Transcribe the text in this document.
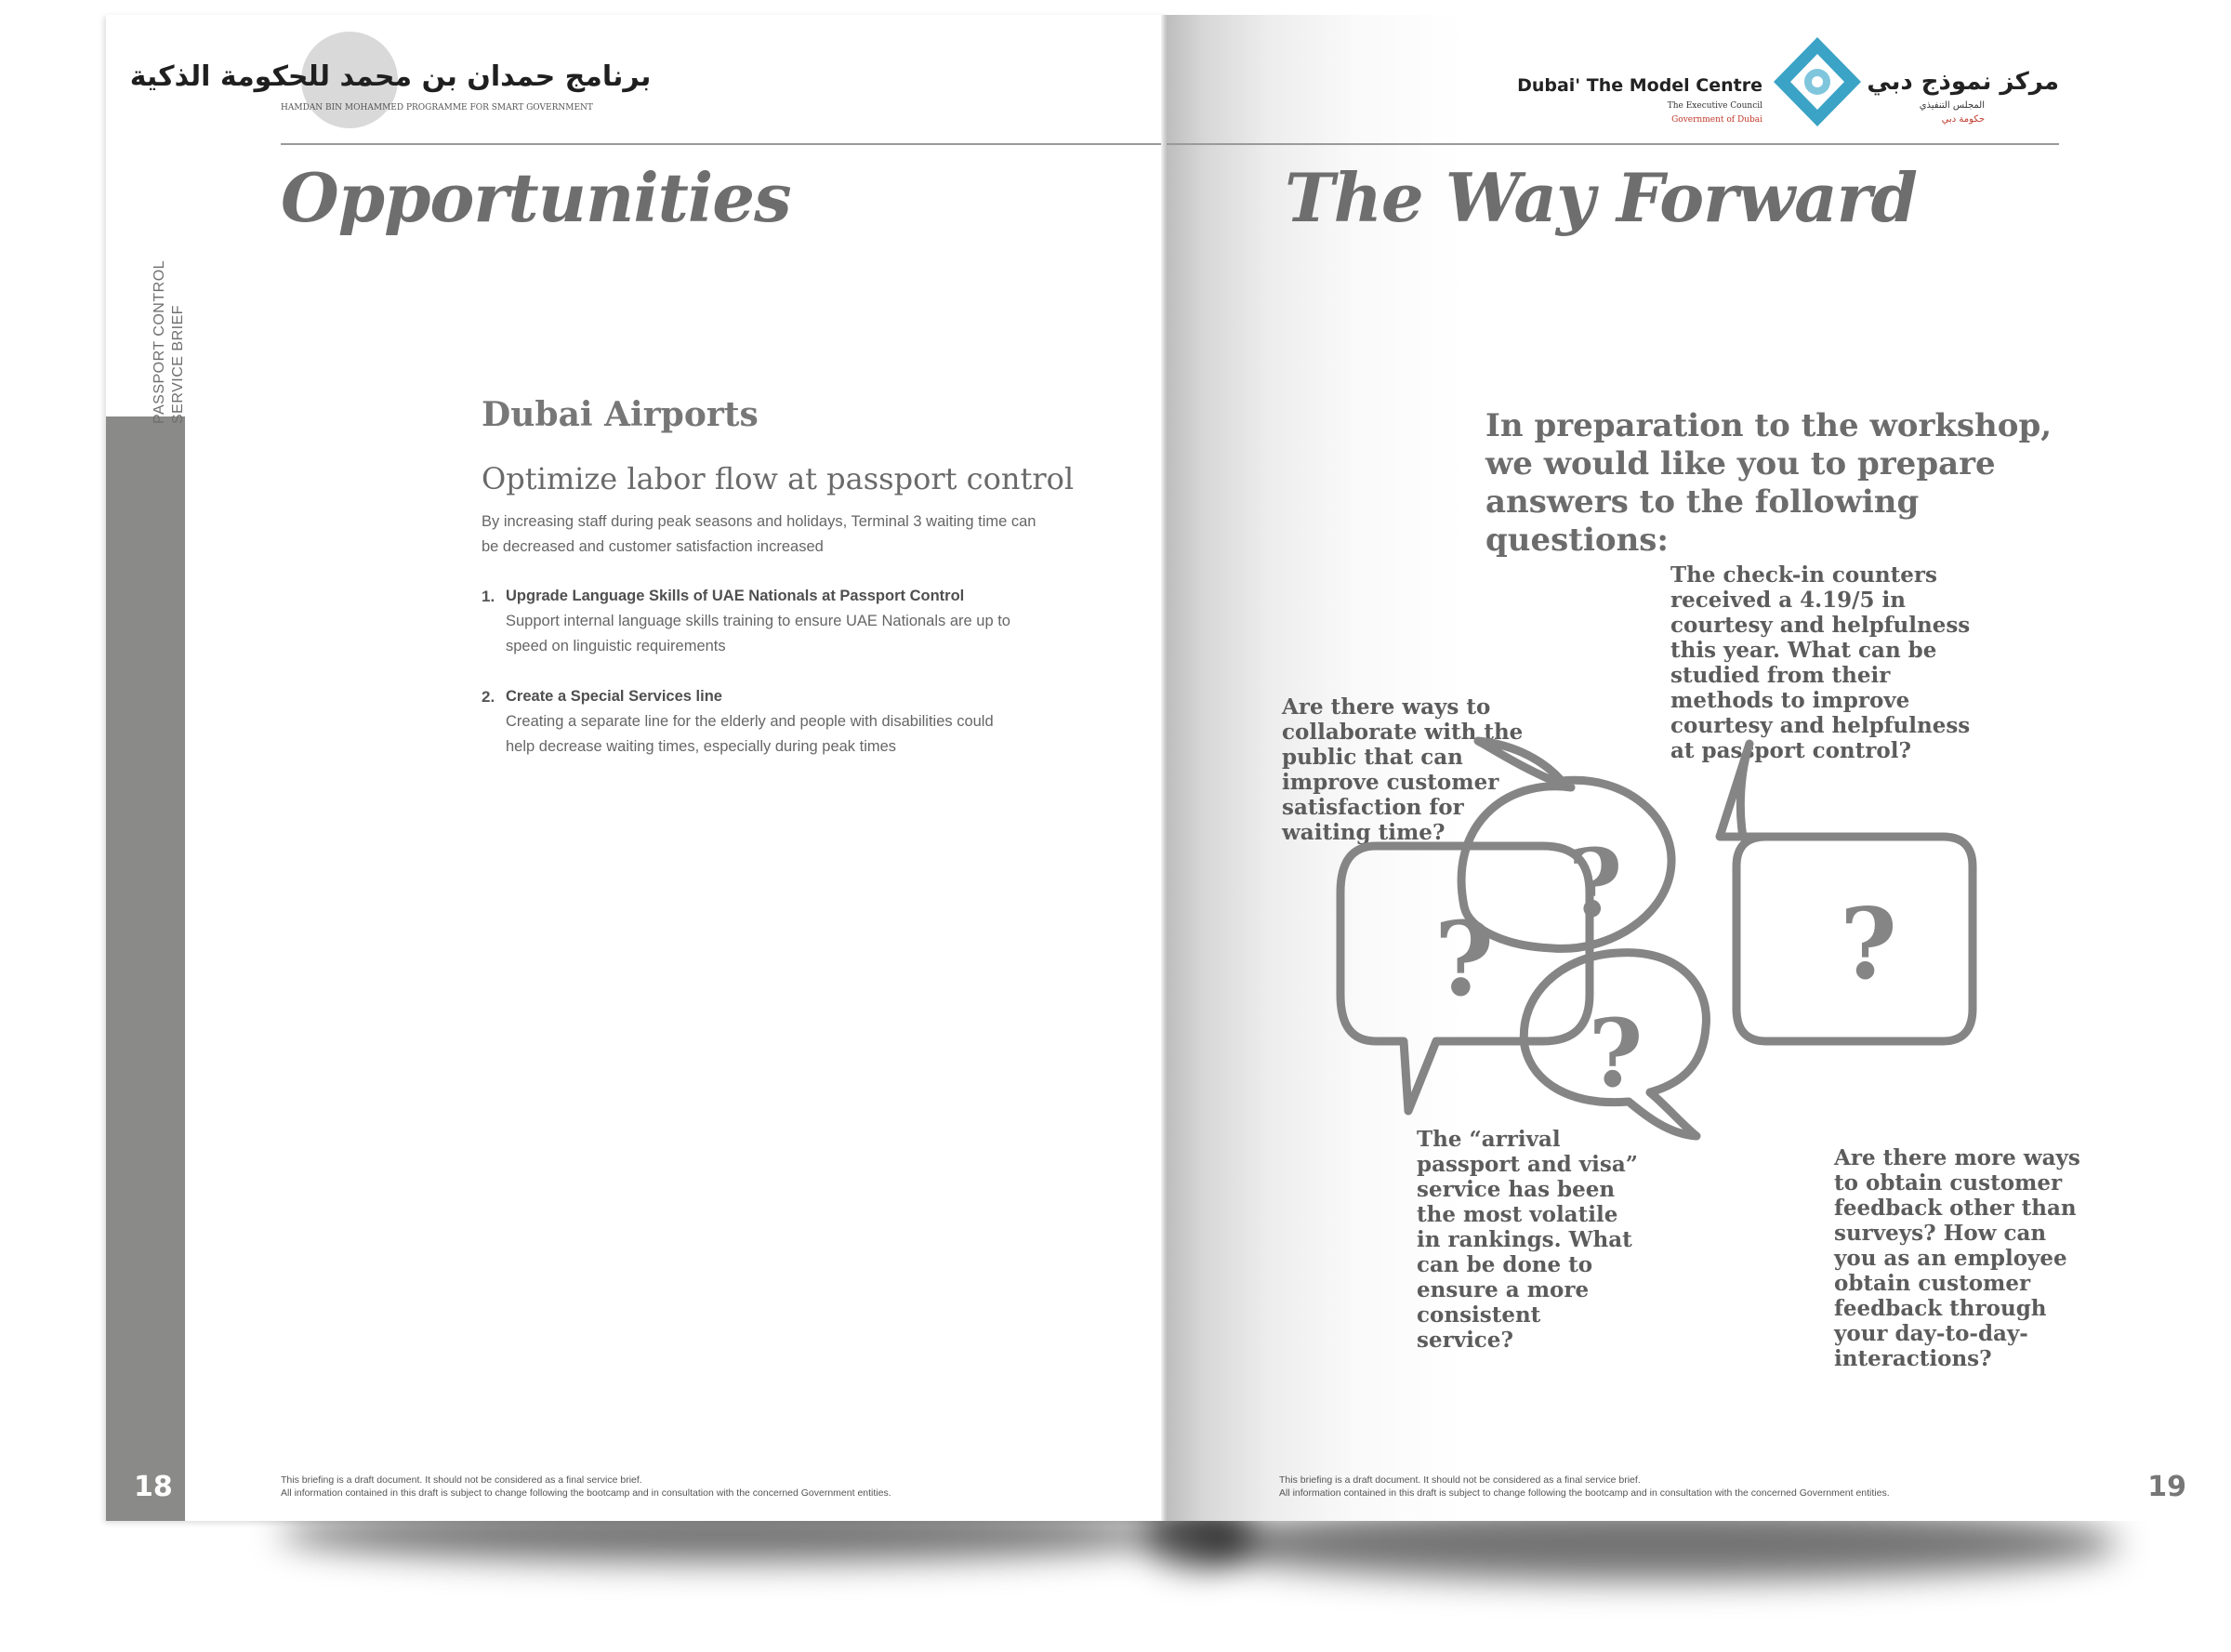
PASSPORT CONTROL SERVICE BRIEF
18	19
برنامج حمدان بن محمد للحكومة الذكية
HAMDAN BIN MOHAMMED PROGRAMME FOR SMART GOVERNMENT
Dubai' The Model Centre
The Executive Council
Government of Dubai
مركز نموذج دبي
المجلس التنفيذي
حكومة دبي
Opportunities
Dubai Airports
Optimize labor flow at passport control
By increasing staff during peak seasons and holidays, Terminal 3 waiting time can
be decreased and customer satisfaction increased
1. Upgrade Language Skills of UAE Nationals at Passport Control
Support internal language skills training to ensure UAE Nationals are up to
speed on linguistic requirements
2. Create a Special Services line
Creating a separate line for the elderly and people with disabilities could
help decrease waiting times, especially during peak times
This briefing is a draft document. It should not be considered as a final service brief.
All information contained in this draft is subject to change following the bootcamp and in consultation with the concerned Government entities.
The Way Forward
In preparation to the workshop, we would like you to prepare answers to the following questions:
The check-in counters received a 4.19/5 in courtesy and helpfulness this year. What can be studied from their methods to improve courtesy and helpfulness at passport control?
Are there ways to collaborate with the public that can improve customer satisfaction for waiting time?
The “arrival passport and visa” service has been the most volatile in rankings. What can be done to ensure a more consistent service?
Are there more ways to obtain customer feedback other than surveys? How can you as an employee obtain customer feedback through your day-to-day-interactions?
?
?
?
?
This briefing is a draft document. It should not be considered as a final service brief.
All information contained in this draft is subject to change following the bootcamp and in consultation with the concerned Government entities.
